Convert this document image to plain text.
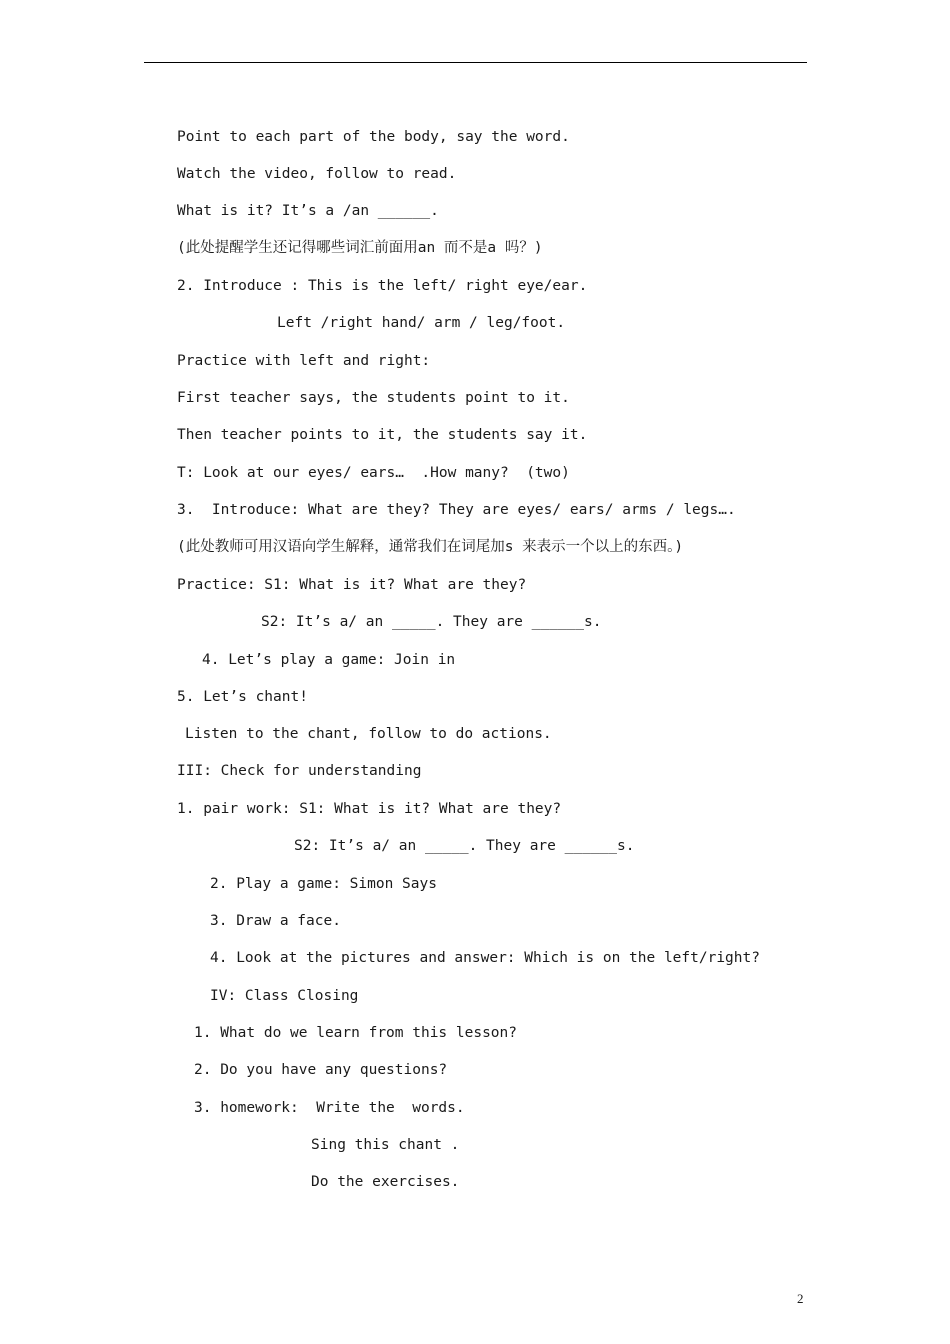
Point to each part of the body, say the word.
Watch the video, follow to read.
What is it? It’s a /an ______.
(此处提醒学生还记得哪些词汇前面用an 而不是a 吗？)
2. Introduce : This is the left/ right eye/ear.
Left /right hand/ arm / leg/foot.
Practice with left and right:
First teacher says, the students point to it.
Then teacher points to it, the students say it.
T: Look at our eyes/ ears…  .How many?  (two)
3.  Introduce: What are they? They are eyes/ ears/ arms / legs….
(此处教师可用汉语向学生解释，通常我们在词尾加s 来表示一个以上的东西。)
Practice: S1: What is it? What are they?
S2: It’s a/ an _____. They are ______s.
4. Let’s play a game: Join in
5. Let’s chant!
Listen to the chant, follow to do actions.
III: Check for understanding
1. pair work: S1: What is it? What are they?
S2: It’s a/ an _____. They are ______s.
2. Play a game: Simon Says
3. Draw a face.
4. Look at the pictures and answer: Which is on the left/right?
IV: Class Closing
1. What do we learn from this lesson?
2. Do you have any questions?
3. homework:  Write the  words.
Sing this chant .
Do the exercises.
2
